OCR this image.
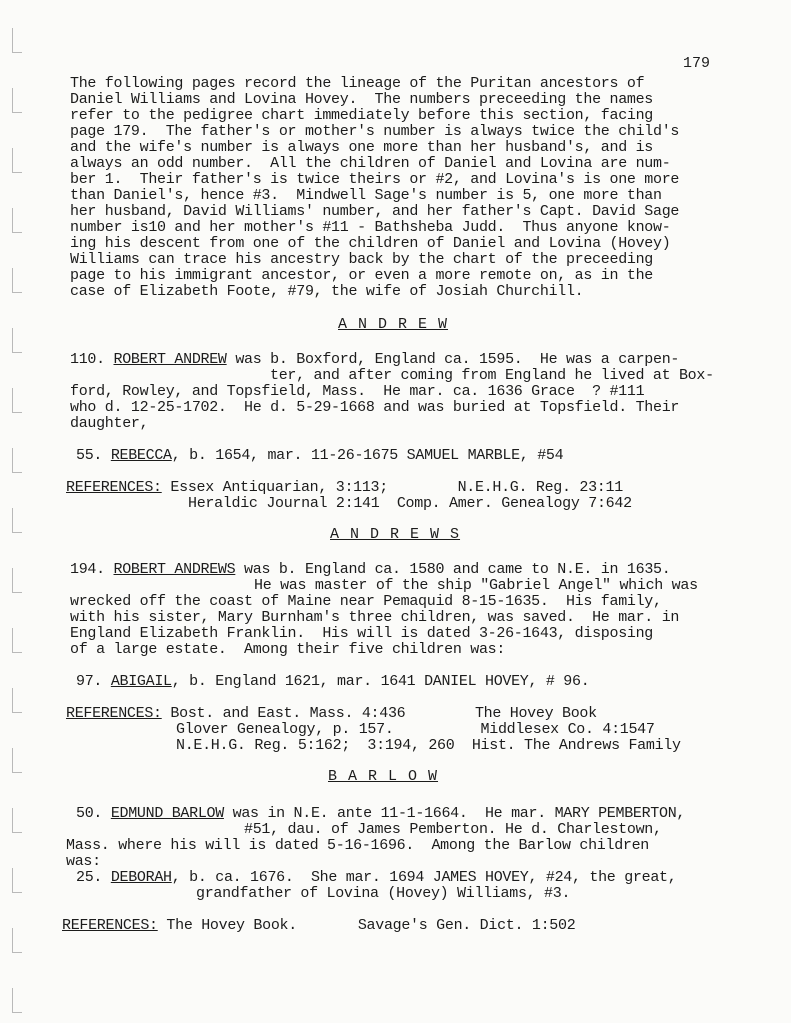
179
The following pages record the lineage of the Puritan ancestors of
Daniel Williams and Lovina Hovey.  The numbers preceeding the names
refer to the pedigree chart immediately before this section, facing
page 179.  The father's or mother's number is always twice the child's
and the wife's number is always one more than her husband's, and is
always an odd number.  All the children of Daniel and Lovina are num-
ber 1.  Their father's is twice theirs or #2, and Lovina's is one more
than Daniel's, hence #3.  Mindwell Sage's number is 5, one more than
her husband, David Williams' number, and her father's Capt. David Sage
number is10 and her mother's #11 - Bathsheba Judd.  Thus anyone know-
ing his descent from one of the children of Daniel and Lovina (Hovey)
Williams can trace his ancestry back by the chart of the preceeding
page to his immigrant ancestor, or even a more remote on, as in the
case of Elizabeth Foote, #79, the wife of Josiah Churchill.
A N D R E W
110. ROBERT ANDREW was b. Boxford, England ca. 1595.  He was a carpen-
ter, and after coming from England he lived at Box-
ford, Rowley, and Topsfield, Mass.  He mar. ca. 1636 Grace  ? #111
who d. 12-25-1702.  He d. 5-29-1668 and was buried at Topsfield. Their
daughter,
55. REBECCA, b. 1654, mar. 11-26-1675 SAMUEL MARBLE, #54
REFERENCES: Essex Antiquarian, 3:113;        N.E.H.G. Reg. 23:11
Heraldic Journal 2:141  Comp. Amer. Genealogy 7:642
A N D R E W S
194. ROBERT ANDREWS was b. England ca. 1580 and came to N.E. in 1635.
He was master of the ship "Gabriel Angel" which was
wrecked off the coast of Maine near Pemaquid 8-15-1635.  His family,
with his sister, Mary Burnham's three children, was saved.  He mar. in
England Elizabeth Franklin.  His will is dated 3-26-1643, disposing
of a large estate.  Among their five children was:
97. ABIGAIL, b. England 1621, mar. 1641 DANIEL HOVEY, # 96.
REFERENCES: Bost. and East. Mass. 4:436        The Hovey Book
Glover Genealogy, p. 157.          Middlesex Co. 4:1547
N.E.H.G. Reg. 5:162;  3:194, 260  Hist. The Andrews Family
B A R L O W
50. EDMUND BARLOW was in N.E. ante 11-1-1664.  He mar. MARY PEMBERTON,
#51, dau. of James Pemberton. He d. Charlestown,
Mass. where his will is dated 5-16-1696.  Among the Barlow children
was:
25. DEBORAH, b. ca. 1676.  She mar. 1694 JAMES HOVEY, #24, the great,
grandfather of Lovina (Hovey) Williams, #3.
REFERENCES: The Hovey Book.       Savage's Gen. Dict. 1:502
